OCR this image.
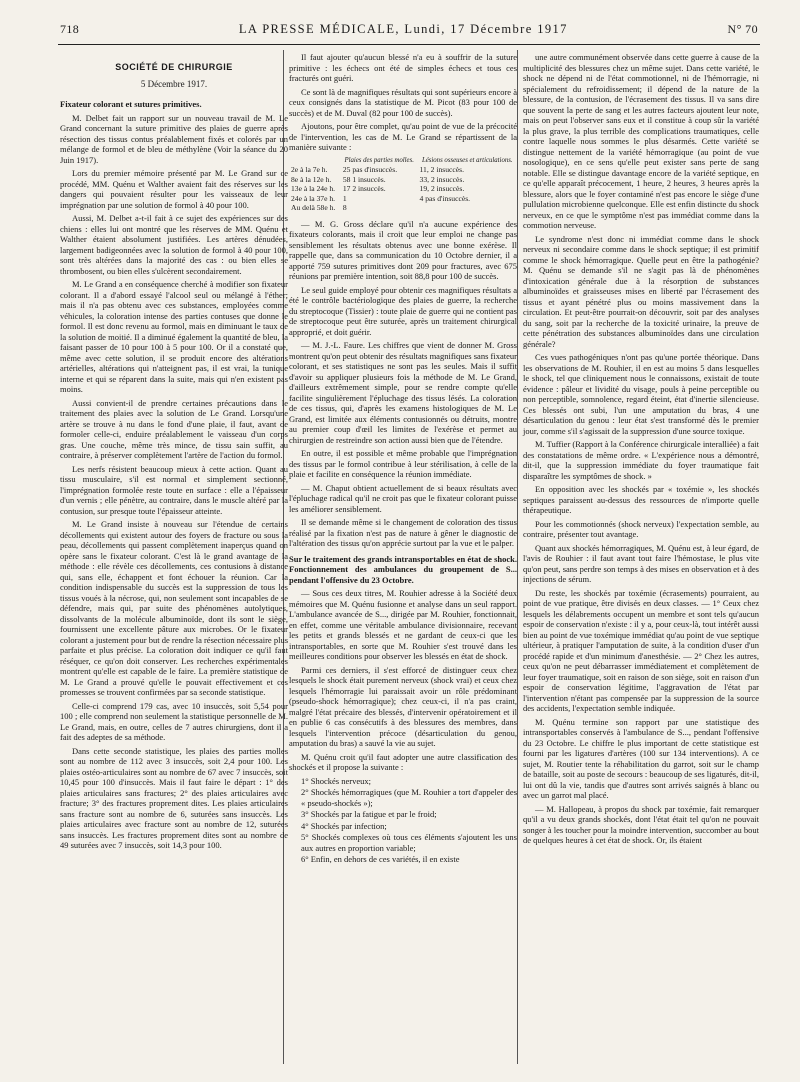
718	LA PRESSE MÉDICALE, Lundi, 17 Décembre 1917	N° 70
SOCIÉTÉ DE CHIRURGIE
5 Décembre 1917.

Fixateur colorant et sutures primitives.

M. Delbet fait un rapport sur un nouveau travail de M. Le Grand concernant la suture primitive des plaies de guerre après résection des tissus contus préalablement fixés et colorés par un mélange de formol et de bleu de méthylène (Voir la séance du 20 Juin 1917).

Lors du premier mémoire présenté par M. Le Grand sur ce procédé, MM. Quénu et Walther avaient fait des réserves sur les dangers qui pouvaient résulter pour les vaisseaux de leur imprégnation par une solution de formol à 40 pour 100.

Aussi, M. Delbet a-t-il fait à ce sujet des expériences sur des chiens : elles lui ont montré que les réserves de MM. Quénu et Walther étaient absolument justifiées. Les artères dénudées, largement badigeonnées avec la solution de formol à 40 pour 100, sont très altérées dans la majorité des cas : ou bien elles se thrombosent, ou bien elles s'ulcèrent secondairement.

M. Le Grand a en conséquence cherché à modifier son fixateur colorant. Il a d'abord essayé l'alcool seul ou mélangé à l'éther; mais il n'a pas obtenu avec ces substances, employées comme véhicules, la coloration intense des parties contuses que donne le formol. Il est donc revenu au formol, mais en diminuant le taux de la solution de moitié. Il a diminué également la quantité de bleu, la faisant passer de 10 pour 100 à 5 pour 100. Or il a constaté que, même avec cette solution, il se produit encore des altérations artérielles, altérations qui n'atteignent pas, il est vrai, la tunique interne et qui se réparent dans la suite, mais qui n'en existent pas moins.

Aussi convient-il de prendre certaines précautions dans le traitement des plaies avec la solution de Le Grand. Lorsqu'une artère se trouve à nu dans le fond d'une plaie, il faut, avant de formoler celle-ci, enduire préalablement le vaisseau d'un corps gras. Une couche, même très mince, de tissu sain suffit, au contraire, à préserver complètement l'artère de l'action du formol.

Les nerfs résistent beaucoup mieux à cette action. Quant au tissu musculaire, s'il est normal et simplement sectionné, l'imprégnation formolée reste toute en surface : elle a l'épaisseur d'un vernis ; elle pénètre, au contraire, dans le muscle altéré par la contusion, sur presque toute l'épaisseur atteinte.

M. Le Grand insiste à nouveau sur l'étendue de certains décollements qui existent autour des foyers de fracture ou sous la peau, décollements qui passent complètement inaperçus quand on opère sans le fixateur colorant. C'est là le grand avantage de la méthode : elle révèle ces décollements, ces contusions à distance qui, sans elle, échappent et font échouer la réunion. Car la condition indispensable du succès est la suppression de tous les tissus voués à la nécrose, qui, non seulement sont incapables de se défendre, mais qui, par suite des phénomènes autolytiques, dissolvants de la molécule albuminoïde, dont ils sont le siège, fournissent une excellente pâture aux microbes. Or le fixateur colorant a justement pour but de rendre la résection nécessaire plus parfaite et plus précise. La coloration doit indiquer ce qu'il faut réséquer, ce qu'on doit conserver. Les recherches expérimentales montrent qu'elle est capable de le faire. La première statistique de M. Le Grand a prouvé qu'elle le pouvait effectivement et ces promesses se trouvent confirmées par sa seconde statistique.

Celle-ci comprend 179 cas, avec 10 insuccès, soit 5,54 pour 100 ; elle comprend non seulement la statistique personnelle de M. Le Grand, mais, en outre, celles de 7 autres chirurgiens, dont il a fait des adeptes de sa méthode.

Dans cette seconde statistique, les plaies des parties molles sont au nombre de 112 avec 3 insuccès, soit 2,4 pour 100. Les plaies ostéo-articulaires sont au nombre de 67 avec 7 insuccès, soit 10,45 pour 100 d'insuccès. Mais il faut faire le départ : 1° des plaies articulaires sans fractures; 2° des plaies articulaires avec fracture; 3° des fractures proprement dites. Les plaies articulaires sans fracture sont au nombre de 6, suturées sans insuccès. Les plaies articulaires avec fracture sont au nombre de 12, suturées sans insuccès. Les fractures proprement dites sont au nombre de 49 suturées avec 7 insuccès, soit 14,3 pour 100.

Il faut ajouter qu'aucun blessé n'a eu à souffrir de la suture primitive : les échecs ont été de simples échecs et tous ces fracturés ont guéri.

Ce sont là de magnifiques résultats qui sont supérieurs encore à ceux consignés dans la statistique de M. Picot (83 pour 100 de succès) et de M. Duval (82 pour 100 de succès).

Ajoutons, pour être complet, qu'au point de vue de la précocité de l'intervention, les cas de M. Le Grand se répartissent de la manière suivante :

	Plaies des parties molles.	Lésions osseuses et articulations.
2e à la 7e h.	25 pas d'insuccès.	11, 2 insuccès.
8e à la 12e h.	58 1 insuccès.	33, 2 insuccès.
13e à la 24e h.	17 2 insuccès.	19, 2 insuccès.
24e à la 37e h.	1	4 pas d'insuccès.
Au delà 58e h.	8	

— M. G. Gross déclare qu'il n'a aucune expérience des fixateurs colorants, mais il croit que leur emploi ne change pas sensiblement les résultats obtenus avec une bonne exérèse. Il rappelle que, dans sa communication du 10 Octobre dernier, il a apporté 759 sutures primitives dont 209 pour fractures, avec 675 réunions par première intention, soit 88,8 pour 100 de succès.

Le seul guide employé pour obtenir ces magnifiques résultats a été le contrôle bactériologique des plaies de guerre, la recherche du streptocoque (Tissier) : toute plaie de guerre qui ne contient pas de streptocoque peut être suturée, après un traitement chirurgical approprié, et doit guérir.

— M. J.-L. Faure. Les chiffres que vient de donner M. Gross montrent qu'on peut obtenir des résultats magnifiques sans fixateur colorant, et ses statistiques ne sont pas les seules. Mais il suffit d'avoir su appliquer plusieurs fois la méthode de M. Le Grand, d'ailleurs extrêmement simple, pour se rendre compte qu'elle facilite singulièrement l'épluchage des tissus lésés. La coloration de ces tissus, qui, d'après les examens histologiques de M. Le Grand, est limitée aux éléments contusionnés ou détruits, montre au premier coup d'œil les limites de l'exérèse et permet au chirurgien de restreindre son action aussi bien que de l'étendre.

En outre, il est possible et même probable que l'imprégnation des tissus par le formol contribue à leur stérilisation, à celle de la plaie et facilite en conséquence la réunion immédiate.

— M. Chaput obtient actuellement de si beaux résultats avec l'épluchage radical qu'il ne croit pas que le fixateur colorant puisse les améliorer sensiblement.

Il se demande même si le changement de coloration des tissus réalisé par la fixation n'est pas de nature à gêner le diagnostic de l'altération des tissus qu'on apprécie surtout par la vue et le palper.

Sur le traitement des grands intransportables en état de shock. Fonctionnement des ambulances du groupement de S... pendant l'offensive du 23 Octobre.

— Sous ces deux titres, M. Rouhier adresse à la Société deux mémoires que M. Quénu fusionne et analyse dans un seul rapport. L'ambulance avancée de S..., dirigée par M. Rouhier, fonctionnait, en effet, comme une véritable ambulance divisionnaire, recevant les petits et grands blessés et ne gardant de ceux-ci que les intransportables, en sorte que M. Rouhier s'est trouvé dans les meilleures conditions pour observer les blessés en état de shock.

Parmi ces derniers, il s'est efforcé de distinguer ceux chez lesquels le shock était purement nerveux (shock vrai) et ceux chez lesquels l'hémorragie lui paraissait avoir un rôle prédominant (pseudo-shock hémorragique); chez ceux-ci, il n'a pas craint, malgré l'état précaire des blessés, d'intervenir opératoirement et il en publie 6 cas consécutifs à des blessures des membres, dans lesquels l'intervention précoce (désarticulation du genou, amputation du bras) a sauvé la vie au sujet.

M. Quénu croit qu'il faut adopter une autre classification des shockés et il propose la suivante :

1° Shockés nerveux;
2° Shockés hémorragiques (que M. Rouhier a tort d'appeler des « pseudo-shockés »);
3° Shockés par la fatigue et par le froid;
4° Shockés par infection;
5° Shockés complexes où tous ces éléments s'ajoutent les uns aux autres en proportion variable;
6° Enfin, en dehors de ces variétés, il en existe

une autre communément observée dans cette guerre à cause de la multiplicité des blessures chez un même sujet. Dans cette variété, le shock ne dépend ni de l'état commotionnel, ni de l'hémorragie, ni spécialement du refroidissement; il dépend de la nature de la blessure, de la contusion, de l'écrasement des tissus. Il va sans dire que souvent la perte de sang et les autres facteurs ajoutent leur note, mais on peut l'observer sans eux et il constitue à coup sûr la variété la plus grave, la plus terrible des complications traumatiques, celle contre laquelle nous sommes le plus désarmés. Cette variété se distingue nettement de la variété hémorragique (au point de vue nosologique), en ce sens qu'elle peut exister sans perte de sang notable. Elle se distingue davantage encore de la variété septique, en ce qu'elle apparaît précocement, 1 heure, 2 heures, 3 heures après la blessure, alors que le foyer contaminé n'est pas encore le siège d'une pullulation microbienne quelconque. Elle est enfin distincte du shock nerveux, en ce que le symptôme n'est pas immédiat comme dans la commotion nerveuse.

Le syndrome n'est donc ni immédiat comme dans le shock nerveux ni secondaire comme dans le shock septique; il est primitif comme le shock hémorragique. Quelle peut en être la pathogénie? M. Quénu se demande s'il ne s'agit pas là de phénomènes d'intoxication générale due à la résorption de substances albuminoïdes et graisseuses mises en liberté par l'écrasement des tissus et ayant pénétré plus ou moins massivement dans la circulation. Et peut-être pourrait-on découvrir, soit par des analyses du sang, soit par la recherche de la toxicité urinaire, la preuve de cette pénétration des substances albuminoïdes dans une circulation générale?

Ces vues pathogéniques n'ont pas qu'une portée théorique. Dans les observations de M. Rouhier, il en est au moins 5 dans lesquelles le shock, tel que cliniquement nous le connaissons, existait de toute évidence : pâleur et lividité du visage, pouls à peine perceptible ou non perceptible, somnolence, regard éteint, état d'inertie silencieuse. Ces blessés ont subi, l'un une amputation du bras, 4 une désarticulation du genou : leur état s'est transformé dès le premier jour, comme s'il s'agissait de la suppression d'une source toxique.

M. Tuffier (Rapport à la Conférence chirurgicale interalliée) a fait des constatations de même ordre. « L'expérience nous a démontré, dit-il, que la suppression immédiate du foyer traumatique fait disparaître les symptômes de shock. »

En opposition avec les shockés par « toxémie », les shockés septiques paraissent au-dessus des ressources de n'importe quelle thérapeutique.

Pour les commotionnés (shock nerveux) l'expectation semble, au contraire, présenter tout avantage.

Quant aux shockés hémorragiques, M. Quénu est, à leur égard, de l'avis de Rouhier : il faut avant tout faire l'hémostase, le plus vite qu'on peut, sans perdre son temps à des mises en observation et à des injections de sérum.

Du reste, les shockés par toxémie (écrasements) pourraient, au point de vue pratique, être divisés en deux classes. — 1° Ceux chez lesquels les délabrements occupent un membre et sont tels qu'aucun espoir de conservation n'existe : il y a, pour ceux-là, tout intérêt aussi bien au point de vue toxémique immédiat qu'au point de vue septique ultérieur, à pratiquer l'amputation de suite, à la condition d'user d'un procédé rapide et d'un minimum d'anesthésie. — 2° Chez les autres, ceux qu'on ne peut débarrasser immédiatement et complètement de leur foyer traumatique, soit en raison de son siège, soit en raison d'un espoir de conservation légitime, l'aggravation de l'état par l'intervention n'étant pas compensée par la suppression de la source des accidents, l'expectation semble indiquée.

M. Quénu termine son rapport par une statistique des intransportables conservés à l'ambulance de S..., pendant l'offensive du 23 Octobre. Le chiffre le plus important de cette statistique est fourni par les ligatures d'artères (100 sur 134 interventions). A ce sujet, M. Routier tente la réhabilitation du garrot, soit sur le champ de bataille, soit au poste de secours : beaucoup de ses ligaturés, dit-il, lui ont dû la vie, tandis que d'autres sont arrivés saignés à blanc ou avec un garrot mal placé.

— M. Hallopeau, à propos du shock par toxémie, fait remarquer qu'il a vu deux grands shockés, dont l'état était tel qu'on ne pouvait songer à les toucher pour la moindre intervention, succomber au bout de quelques heures à cet état de shock. Or, ils étaient
